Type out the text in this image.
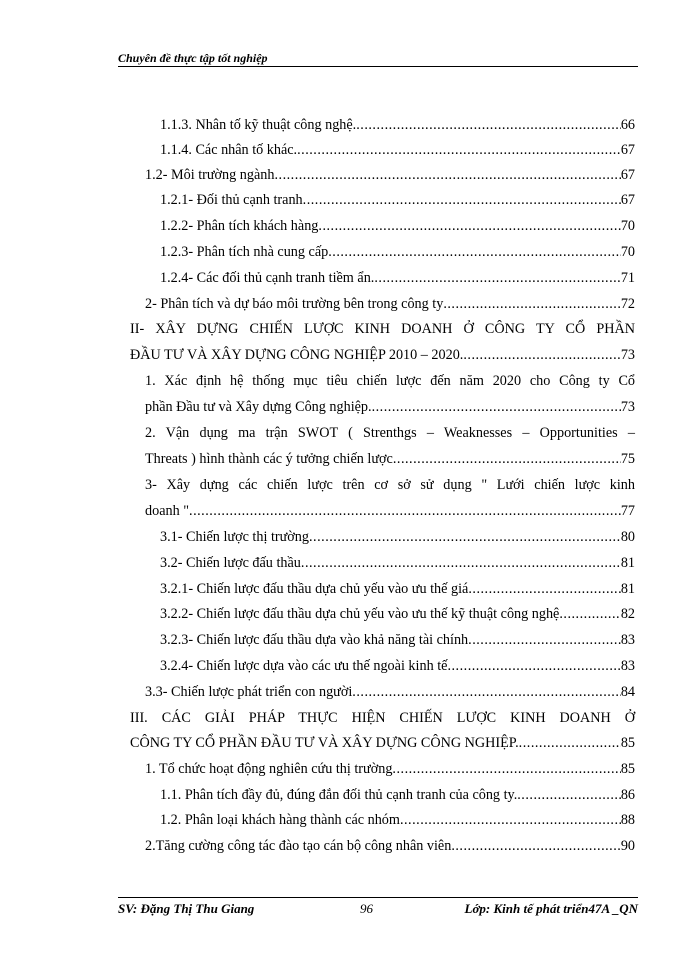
Chuyên đề thực tập tốt nghiệp
1.1.3. Nhân tố kỹ thuật công nghệ. .....	66
1.1.4. Các nhân tố khác. .....	67
1.2- Môi trường ngành .....	67
1.2.1- Đối thủ cạnh tranh .....	67
1.2.2- Phân tích khách hàng .....	70
1.2.3- Phân tích nhà cung cấp .....	70
1.2.4- Các đối thủ cạnh tranh tiềm ẩn. .....	71
2- Phân tích và dự báo môi trường bên trong công ty .....	72
II- XÂY DỰNG CHIẾN LƯỢC KINH DOANH Ở CÔNG TY CỔ PHẦN
ĐẦU TƯ VÀ XÂY DỰNG CÔNG NGHIỆP 2010 – 2020. .....	73
1. Xác định hệ thống mục tiêu chiến lược đến năm 2020 cho Công ty Cổ
phần Đầu tư và Xây dựng Công nghiệp. .....	73
2. Vận dụng ma trận SWOT ( Strenthgs – Weaknesses – Opportunities –
Threats ) hình thành các ý tưởng chiến lược .....	75
3- Xây dựng các chiến lược trên cơ sở sử dụng " Lưới chiến lược kinh
doanh " .....	77
3.1- Chiến lược thị trường .....	80
3.2- Chiến lược đấu thầu .....	81
3.2.1- Chiến lược đấu thầu dựa chủ yếu vào ưu thế giá .....	81
3.2.2- Chiến lược đấu thầu dựa chủ yếu vào ưu thế kỹ thuật công nghệ .....	82
3.2.3- Chiến lược đấu thầu dựa vào khả năng tài chính .....	83
3.2.4- Chiến lược dựa vào các ưu thế ngoài kinh tế .....	83
3.3- Chiến lược phát triển con người .....	84
III. CÁC GIẢI PHÁP THỰC HIỆN CHIẾN LƯỢC KINH DOANH Ở
CÔNG TY CỔ PHẦN ĐẦU TƯ VÀ XÂY DỰNG CÔNG NGHIỆP. .....	85
1. Tổ chức hoạt động nghiên cứu thị trường .....	85
1.1. Phân tích đầy đủ, đúng đắn đối thủ cạnh tranh của công ty. .....	86
1.2. Phân loại khách hàng thành các nhóm .....	88
2.Tăng cường công tác đào tạo cán bộ công nhân viên .....	90
SV: Đặng Thị Thu Giang	96	Lớp: Kinh tế phát triển47A _QN
